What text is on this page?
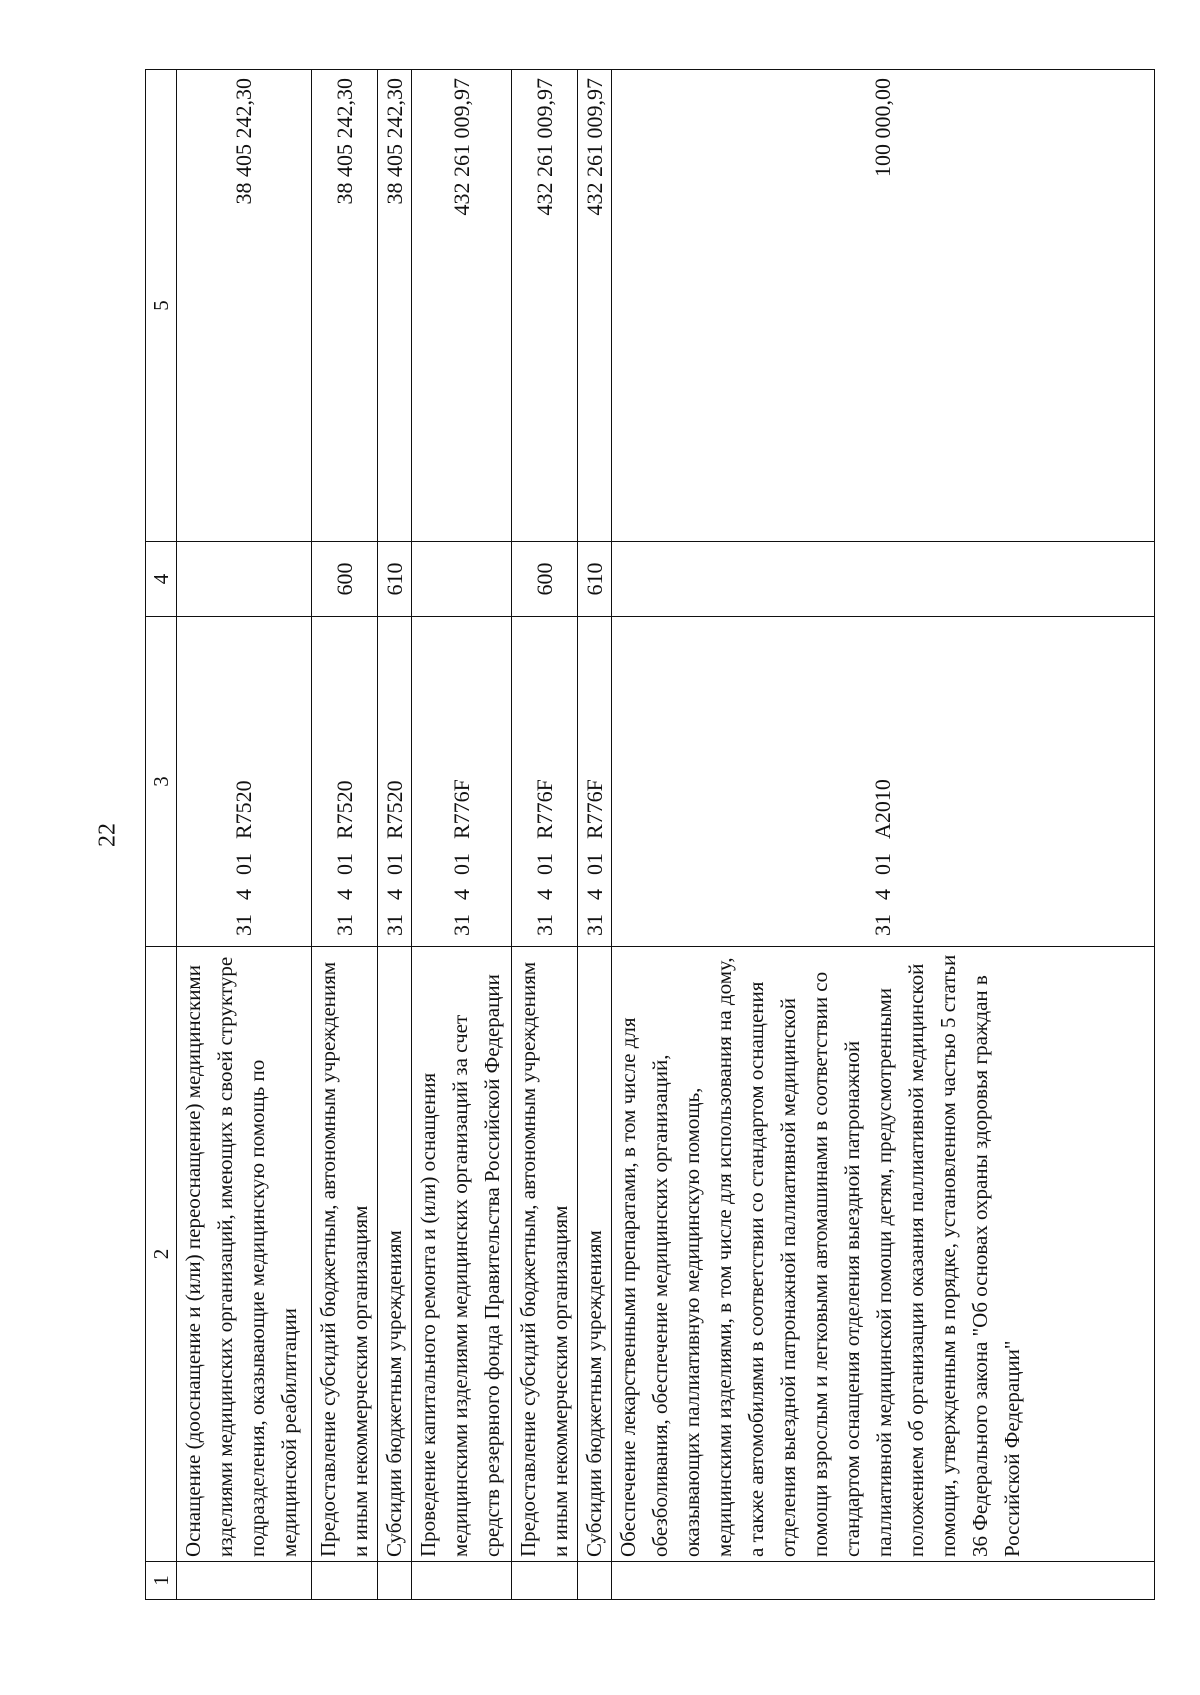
22
1	2	3	4	5
	Оснащение (дооснащение и (или) переоснащение) медицинскими изделиями медицинских организаций, имеющих в своей структуре подразделения, оказывающие медицинскую помощь по медицинской реабилитации	31401R7520		38 405 242,30
	Предоставление субсидий бюджетным, автономным учреждениям и иным некоммерческим организациям	31401R7520	600	38 405 242,30
	Субсидии бюджетным учреждениям	31401R7520	610	38 405 242,30
	Проведение капитального ремонта и (или) оснащения медицинскими изделиями медицинских организаций за счет средств резервного фонда Правительства Российской Федерации	31401R776F		432 261 009,97
	Предоставление субсидий бюджетным, автономным учреждениям и иным некоммерческим организациям	31401R776F	600	432 261 009,97
	Субсидии бюджетным учреждениям	31401R776F	610	432 261 009,97
	Обеспечение лекарственными препаратами, в том числе для обезболивания, обеспечение медицинских организаций, оказывающих паллиативную медицинскую помощь, медицинскими изделиями, в том числе для использования на дому, а также автомобилями в соответствии со стандартом оснащения отделения выездной патронажной паллиативной медицинской помощи взрослым и легковыми автомашинами в соответствии со стандартом оснащения отделения выездной патронажной паллиативной медицинской помощи детям, предусмотренными положением об организации оказания паллиативной медицинской помощи, утвержденным в порядке, установленном частью 5 статьи 36 Федерального закона "Об основах охраны здоровья граждан в Российской Федерации"	31401A2010		100 000,00
